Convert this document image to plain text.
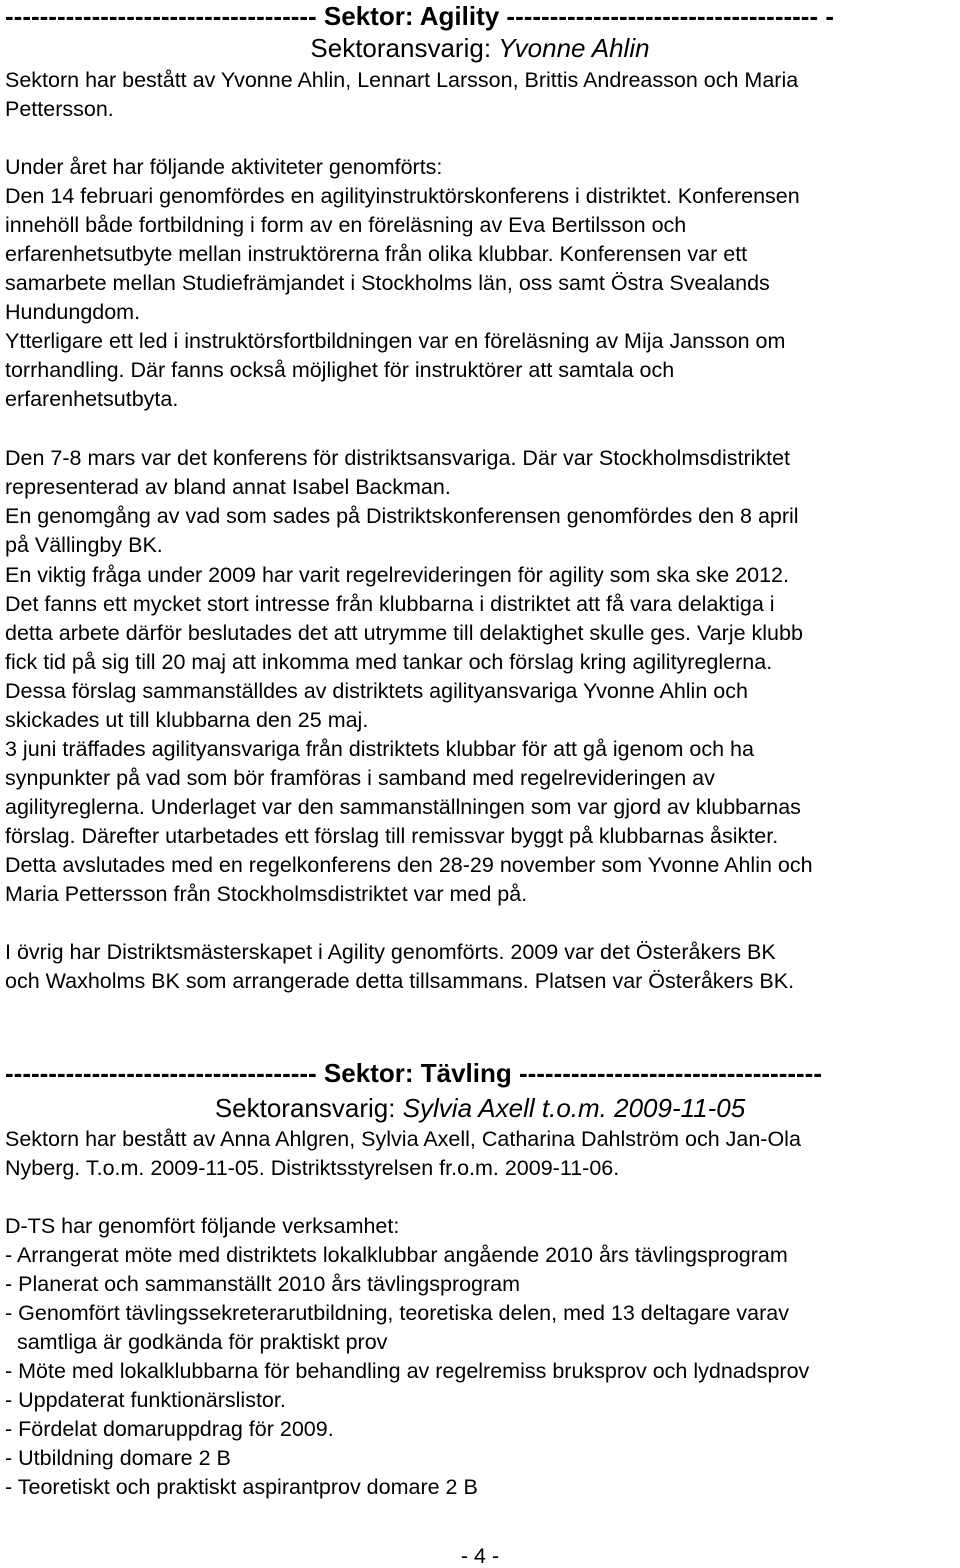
------------------------------------ Sektor: Agility ------------------------------------ -
Sektoransvarig: Yvonne Ahlin
Sektorn har bestått av Yvonne Ahlin, Lennart Larsson, Brittis Andreasson och Maria
Pettersson.
Under året har följande aktiviteter genomförts:
Den 14 februari genomfördes en agilityinstruktörskonferens i distriktet. Konferensen
innehöll både fortbildning i form av en föreläsning av Eva Bertilsson och
erfarenhetsutbyte mellan instruktörerna från olika klubbar. Konferensen var ett
samarbete mellan Studiefrämjandet i Stockholms län, oss samt Östra Svealands
Hundungdom.
Ytterligare ett led i instruktörsfortbildningen var en föreläsning av Mija Jansson om
torrhandling. Där fanns också möjlighet för instruktörer att samtala och
erfarenhetsutbyta.
Den 7-8 mars var det konferens för distriktsansvariga. Där var Stockholmsdistriktet
representerad av bland annat Isabel Backman.
En genomgång av vad som sades på Distriktskonferensen genomfördes den 8 april
på Vällingby BK.
En viktig fråga under 2009 har varit regelrevideringen för agility som ska ske 2012.
Det fanns ett mycket stort intresse från klubbarna i distriktet att få vara delaktiga i
detta arbete därför beslutades det att utrymme till delaktighet skulle ges. Varje klubb
fick tid på sig till 20 maj att inkomma med tankar och förslag kring agilityreglerna.
Dessa förslag sammanställdes av distriktets agilityansvariga Yvonne Ahlin och
skickades ut till klubbarna den 25 maj.
3 juni träffades agilityansvariga från distriktets klubbar för att gå igenom och ha
synpunkter på vad som bör framföras i samband med regelrevideringen av
agilityreglerna. Underlaget var den sammanställningen som var gjord av klubbarnas
förslag. Därefter utarbetades ett förslag till remissvar byggt på klubbarnas åsikter.
Detta avslutades med en regelkonferens den 28-29 november som Yvonne Ahlin och
Maria Pettersson från Stockholmsdistriktet var med på.
I övrig har Distriktsmästerskapet i Agility genomförts. 2009 var det Österåkers BK
och Waxholms BK som arrangerade detta tillsammans. Platsen var Österåkers BK.
------------------------------------ Sektor: Tävling -----------------------------------
Sektoransvarig: Sylvia Axell t.o.m. 2009-11-05
Sektorn har bestått av Anna Ahlgren, Sylvia Axell, Catharina Dahlström och Jan-Ola
Nyberg. T.o.m. 2009-11-05. Distriktsstyrelsen fr.o.m. 2009-11-06.
D-TS har genomfört följande verksamhet:
- Arrangerat möte med distriktets lokalklubbar angående 2010 års tävlingsprogram
- Planerat och sammanställt 2010 års tävlingsprogram
- Genomfört tävlingssekreterarutbildning, teoretiska delen, med 13 deltagare varav
samtliga är godkända för praktiskt prov
- Möte med lokalklubbarna för behandling av regelremiss bruksprov och lydnadsprov
- Uppdaterat funktionärslistor.
- Fördelat domaruppdrag för 2009.
- Utbildning domare 2 B
- Teoretiskt och praktiskt aspirantprov domare 2 B
- 4 -
